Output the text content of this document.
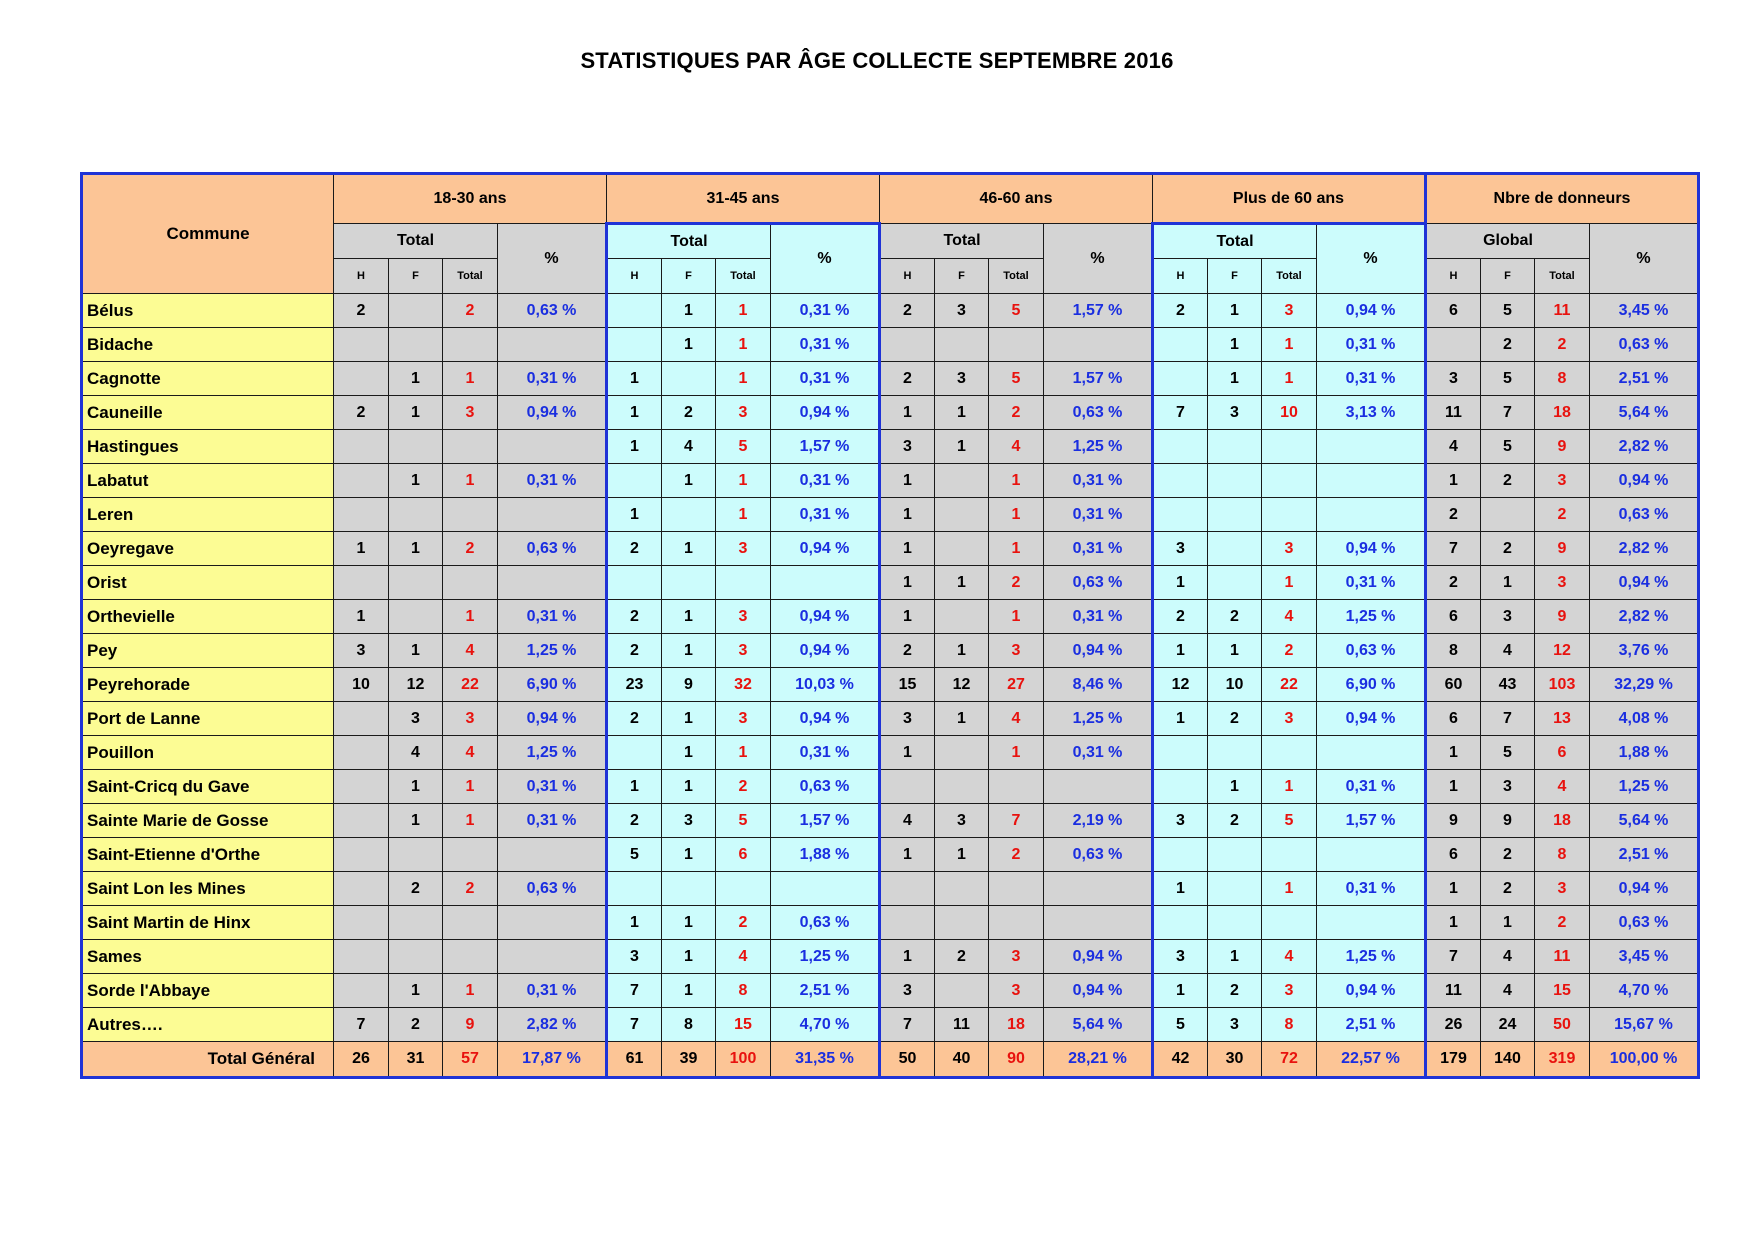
STATISTIQUES PAR ÂGE COLLECTE SEPTEMBRE 2016
Commune	18-30 ans				31-45 ans				46-60 ans				Plus de 60 ans				Nbre de donneurs			
	Total			%	Total			%	Total			%	Total			%	Global			%
	H	F	Total		H	F	Total		H	F	Total		H	F	Total		H	F	Total	
Bélus	2		2	0,63 %		1	1	0,31 %	2	3	5	1,57 %	2	1	3	0,94 %	6	5	11	3,45 %
Bidache						1	1	0,31 %						1	1	0,31 %		2	2	0,63 %
Cagnotte		1	1	0,31 %	1		1	0,31 %	2	3	5	1,57 %		1	1	0,31 %	3	5	8	2,51 %
Cauneille	2	1	3	0,94 %	1	2	3	0,94 %	1	1	2	0,63 %	7	3	10	3,13 %	11	7	18	5,64 %
Hastingues					1	4	5	1,57 %	3	1	4	1,25 %					4	5	9	2,82 %
Labatut		1	1	0,31 %		1	1	0,31 %	1		1	0,31 %					1	2	3	0,94 %
Leren					1		1	0,31 %	1		1	0,31 %					2		2	0,63 %
Oeyregave	1	1	2	0,63 %	2	1	3	0,94 %	1		1	0,31 %	3		3	0,94 %	7	2	9	2,82 %
Orist									1	1	2	0,63 %	1		1	0,31 %	2	1	3	0,94 %
Orthevielle	1		1	0,31 %	2	1	3	0,94 %	1		1	0,31 %	2	2	4	1,25 %	6	3	9	2,82 %
Pey	3	1	4	1,25 %	2	1	3	0,94 %	2	1	3	0,94 %	1	1	2	0,63 %	8	4	12	3,76 %
Peyrehorade	10	12	22	6,90 %	23	9	32	10,03 %	15	12	27	8,46 %	12	10	22	6,90 %	60	43	103	32,29 %
Port de Lanne		3	3	0,94 %	2	1	3	0,94 %	3	1	4	1,25 %	1	2	3	0,94 %	6	7	13	4,08 %
Pouillon		4	4	1,25 %		1	1	0,31 %	1		1	0,31 %					1	5	6	1,88 %
Saint-Cricq du Gave		1	1	0,31 %	1	1	2	0,63 %						1	1	0,31 %	1	3	4	1,25 %
Sainte Marie de Gosse		1	1	0,31 %	2	3	5	1,57 %	4	3	7	2,19 %	3	2	5	1,57 %	9	9	18	5,64 %
Saint-Etienne d'Orthe					5	1	6	1,88 %	1	1	2	0,63 %					6	2	8	2,51 %
Saint Lon les Mines		2	2	0,63 %									1		1	0,31 %	1	2	3	0,94 %
Saint Martin de Hinx					1	1	2	0,63 %									1	1	2	0,63 %
Sames					3	1	4	1,25 %	1	2	3	0,94 %	3	1	4	1,25 %	7	4	11	3,45 %
Sorde l'Abbaye		1	1	0,31 %	7	1	8	2,51 %	3		3	0,94 %	1	2	3	0,94 %	11	4	15	4,70 %
Autres….	7	2	9	2,82 %	7	8	15	4,70 %	7	11	18	5,64 %	5	3	8	2,51 %	26	24	50	15,67 %
Total Général	26	31	57	17,87 %	61	39	100	31,35 %	50	40	90	28,21 %	42	30	72	22,57 %	179	140	319	100,00 %
